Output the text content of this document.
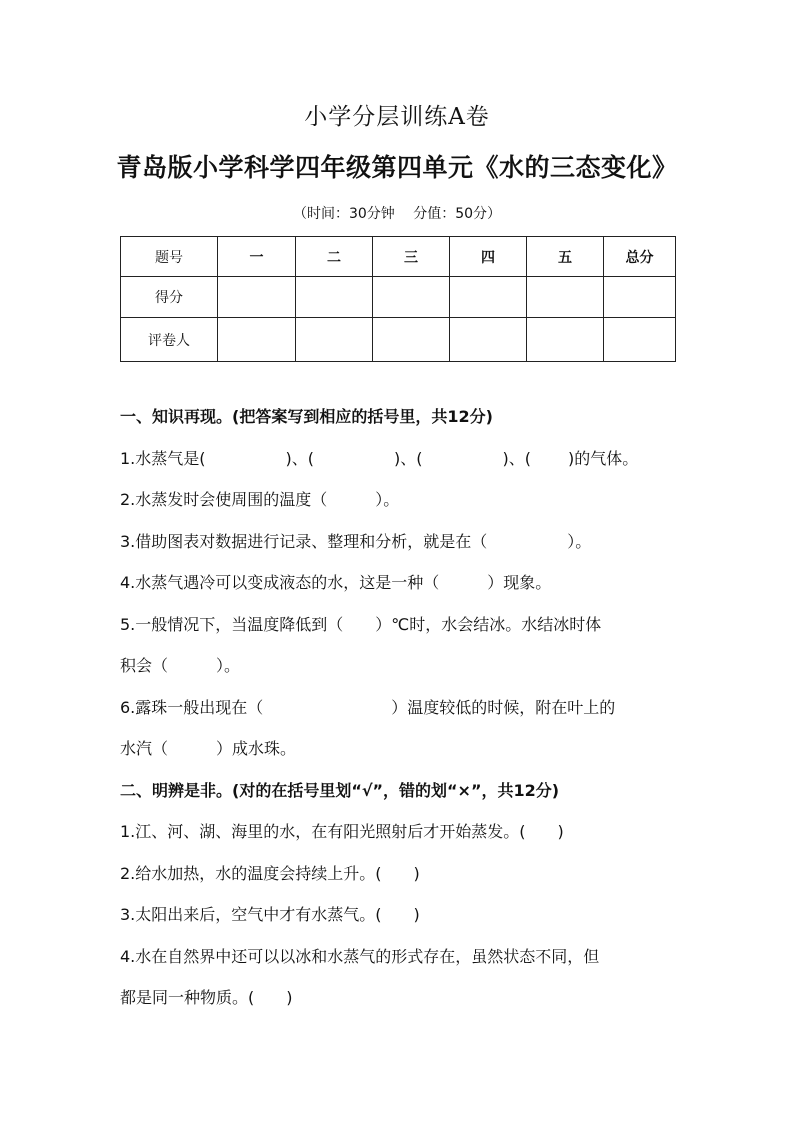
小学分层训练A卷
青岛版小学科学四年级第四单元《水的三态变化》
（时间：30分钟　 分值：50分）
题号	一	二	三	四	五	总分
得分						
评卷人						
一、知识再现。(把答案写到相应的括号里，共12分)
1.水蒸气是(　　　　　)、(　　　　　)、(　　　　　)、(　　 )的气体。
2.水蒸发时会使周围的温度（　　　）。
3.借助图表对数据进行记录、整理和分析，就是在（　　　　　）。
4.水蒸气遇冷可以变成液态的水，这是一种（　　　）现象。
5.一般情况下，当温度降低到（　　）℃时，水会结冰。水结冰时体
积会（　　　）。
6.露珠一般出现在（　　　　　　　　）温度较低的时候，附在叶上的
水汽（　　　）成水珠。
二、明辨是非。(对的在括号里划“√”，错的划“×”，共12分)
1.江、河、湖、海里的水，在有阳光照射后才开始蒸发。(　　)
2.给水加热，水的温度会持续上升。(　　)
3.太阳出来后，空气中才有水蒸气。(　　)
4.水在自然界中还可以以冰和水蒸气的形式存在，虽然状态不同，但
都是同一种物质。(　　)
